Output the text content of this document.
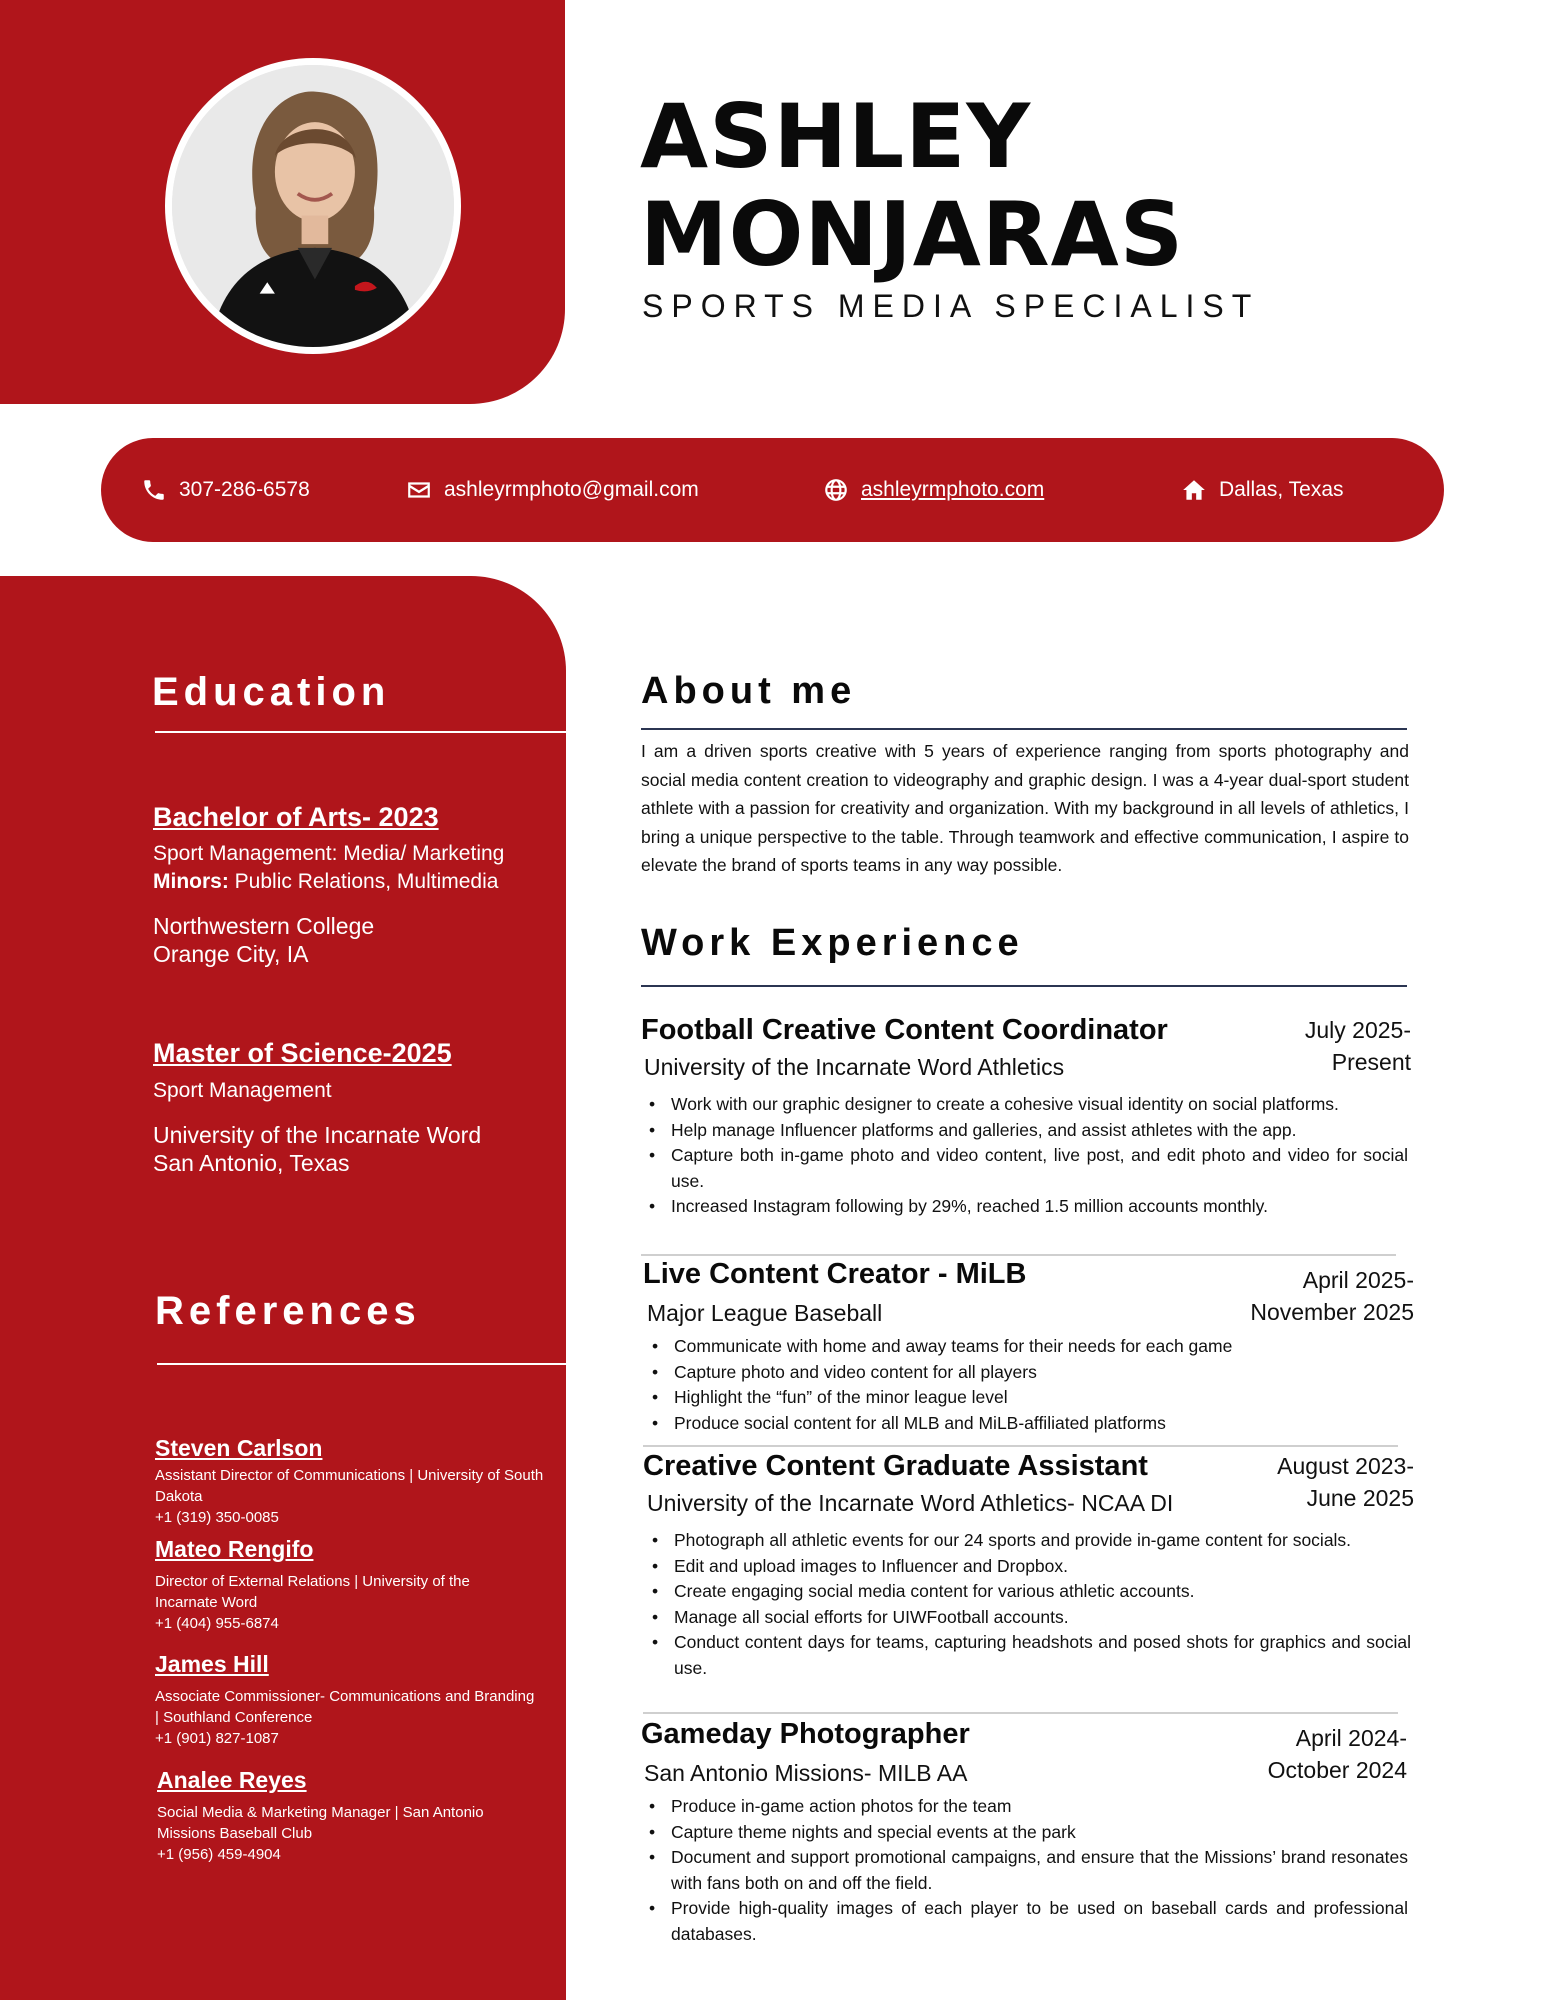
ASHLEY
MONJARAS
SPORTS MEDIA SPECIALIST
307-286-6578	ashleyrmphoto@gmail.com	ashleyrmphoto.com	Dallas, Texas
Education
Bachelor of Arts- 2023
Sport Management: Media/ Marketing
Minors: Public Relations, Multimedia
Northwestern College
Orange City, IA
Master of Science-2025
Sport Management
University of the Incarnate Word
San Antonio, Texas
References
Steven Carlson
Assistant Director of Communications | University of South Dakota
+1 (319) 350-0085
Mateo Rengifo
Director of External Relations | University of the Incarnate Word
+1 (404) 955-6874
James Hill
Associate Commissioner- Communications and Branding | Southland Conference
+1 (901) 827-1087
Analee Reyes
Social Media & Marketing Manager | San Antonio Missions Baseball Club
+1 (956) 459-4904
About me
I am a driven sports creative with 5 years of experience ranging from sports photography and social media content creation to videography and graphic design. I was a 4-year dual-sport student athlete with a passion for creativity and organization. With my background in all levels of athletics, I bring a unique perspective to the table. Through teamwork and effective communication, I aspire to elevate the brand of sports teams in any way possible.
Work Experience
Football Creative Content Coordinator
University of the Incarnate Word Athletics
July 2025-
Present
• Work with our graphic designer to create a cohesive visual identity on social platforms.
• Help manage Influencer platforms and galleries, and assist athletes with the app.
• Capture both in-game photo and video content, live post, and edit photo and video for social use.
• Increased Instagram following by 29%, reached 1.5 million accounts monthly.
Live Content Creator - MiLB
Major League Baseball
April 2025-
November 2025
• Communicate with home and away teams for their needs for each game
• Capture photo and video content for all players
• Highlight the “fun” of the minor league level
• Produce social content for all MLB and MiLB-affiliated platforms
Creative Content Graduate Assistant
University of the Incarnate Word Athletics- NCAA DI
August 2023-
June 2025
• Photograph all athletic events for our 24 sports and provide in-game content for socials.
• Edit and upload images to Influencer and Dropbox.
• Create engaging social media content for various athletic accounts.
• Manage all social efforts for UIWFootball accounts.
• Conduct content days for teams, capturing headshots and posed shots for graphics and social use.
Gameday Photographer
San Antonio Missions- MILB AA
April 2024-
October 2024
• Produce in-game action photos for the team
• Capture theme nights and special events at the park
• Document and support promotional campaigns, and ensure that the Missions’ brand resonates with fans both on and off the field.
• Provide high-quality images of each player to be used on baseball cards and professional databases.
